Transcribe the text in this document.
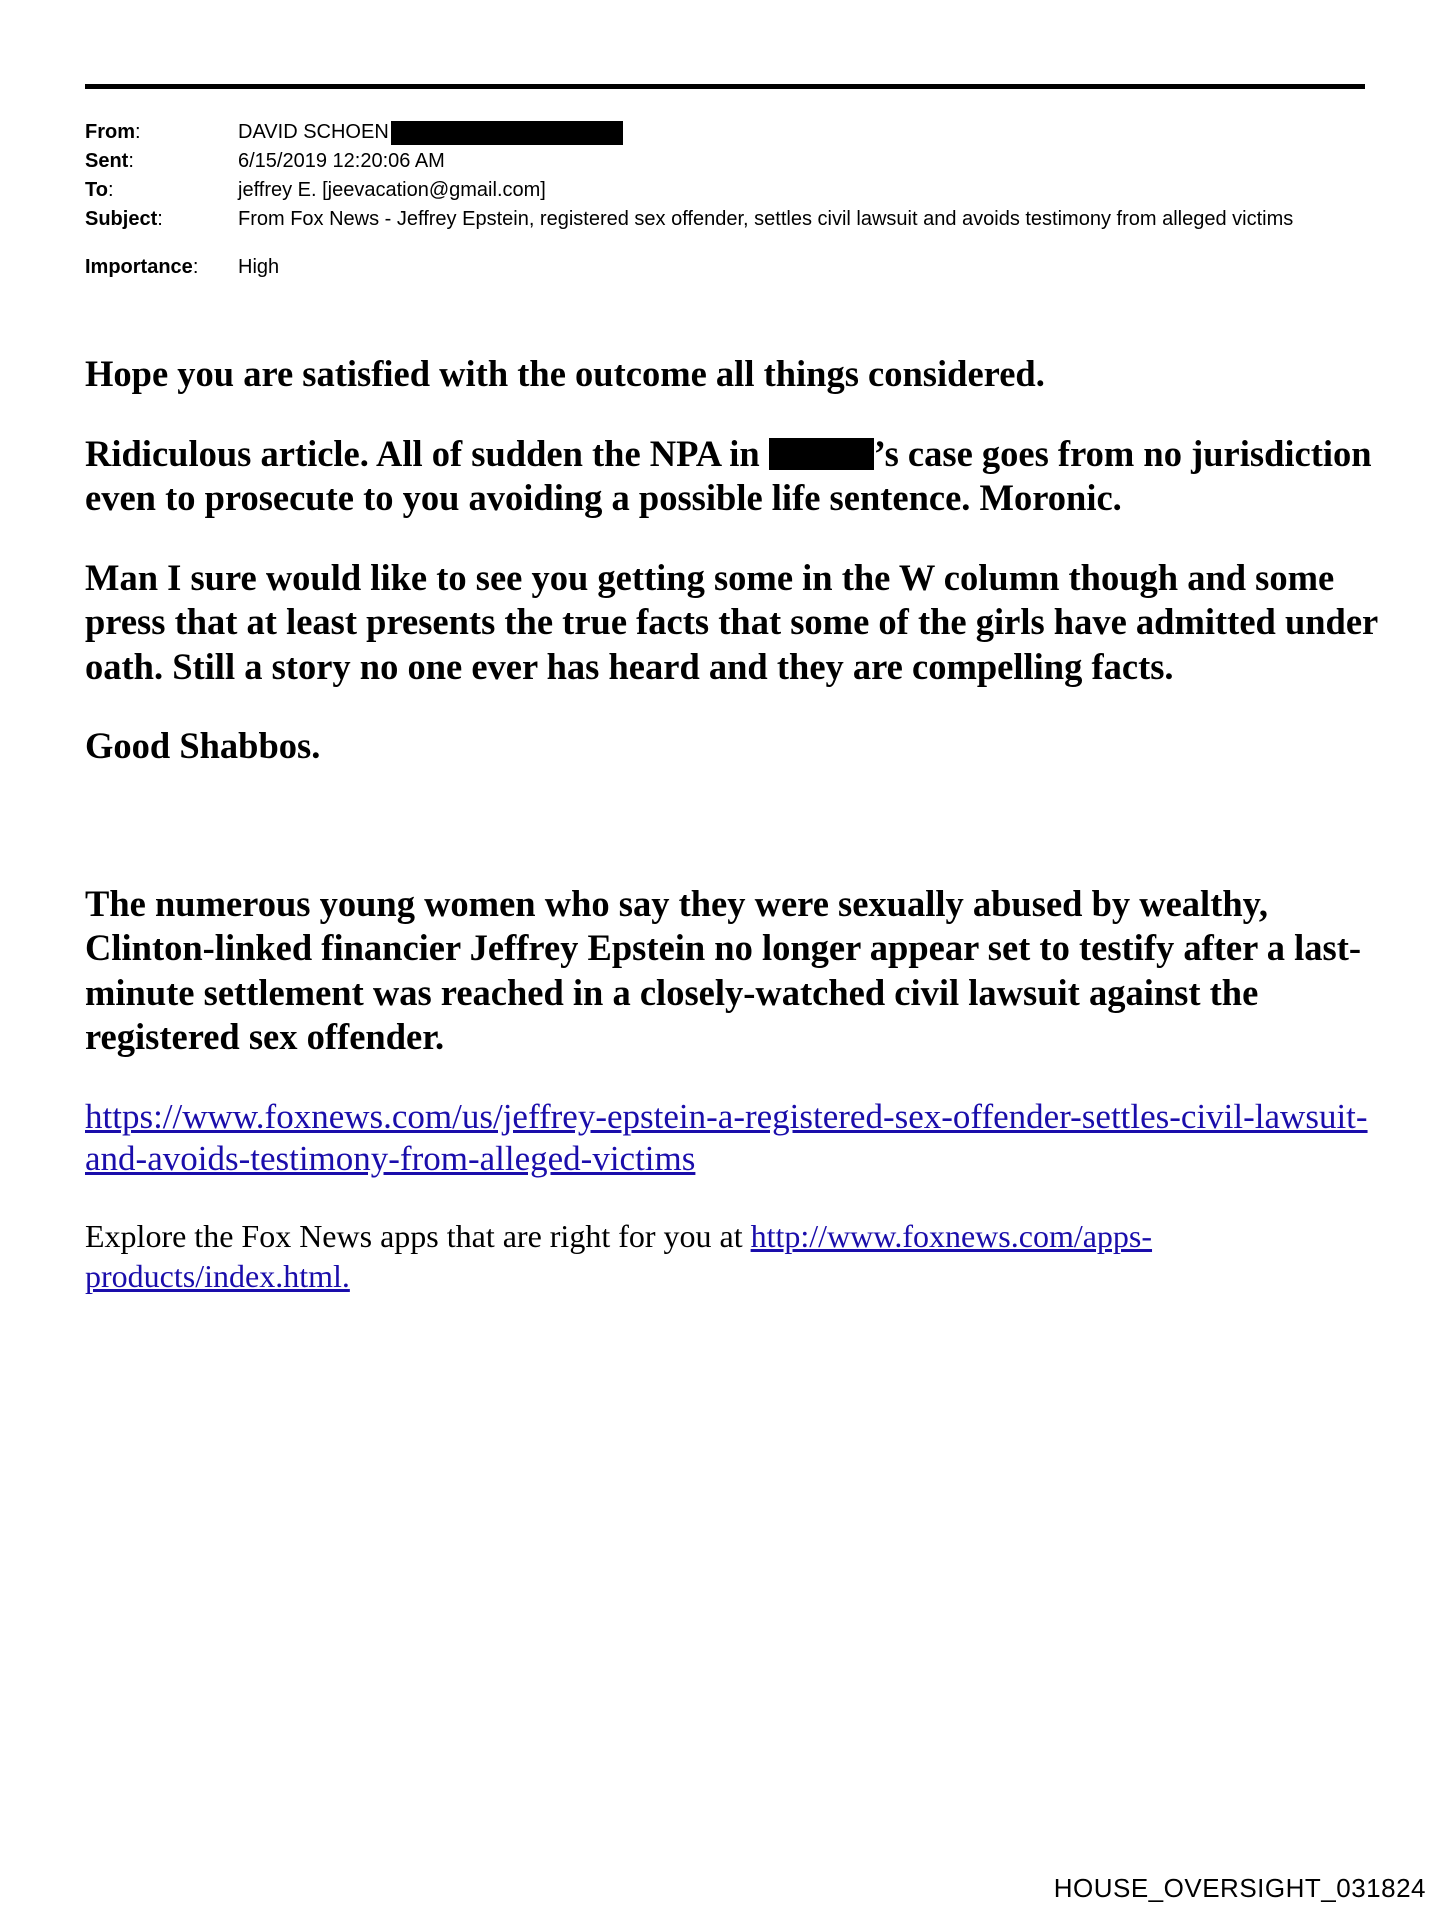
From:	DAVID SCHOEN
Sent:	6/15/2019 12:20:06 AM
To:	jeffrey E. [jeevacation@gmail.com]
Subject:	From Fox News - Jeffrey Epstein, registered sex offender, settles civil lawsuit and avoids testimony from alleged victims
Importance:	High

Hope you are satisfied with the outcome all things considered.

Ridiculous article. All of sudden the NPA in	’s case goes from no jurisdiction even to prosecute to you avoiding a possible life sentence. Moronic.

Man I sure would like to see you getting some in the W column though and some press that at least presents the true facts that some of the girls have admitted under oath. Still a story no one ever has heard and they are compelling facts.

Good Shabbos.

The numerous young women who say they were sexually abused by wealthy, Clinton-linked financier Jeffrey Epstein no longer appear set to testify after a last-minute settlement was reached in a closely-watched civil lawsuit against the registered sex offender.

https://www.foxnews.com/us/jeffrey-epstein-a-registered-sex-offender-settles-civil-lawsuit-and-avoids-testimony-from-alleged-victims

Explore the Fox News apps that are right for you at http://www.foxnews.com/apps-products/index.html.

HOUSE_OVERSIGHT_031824
